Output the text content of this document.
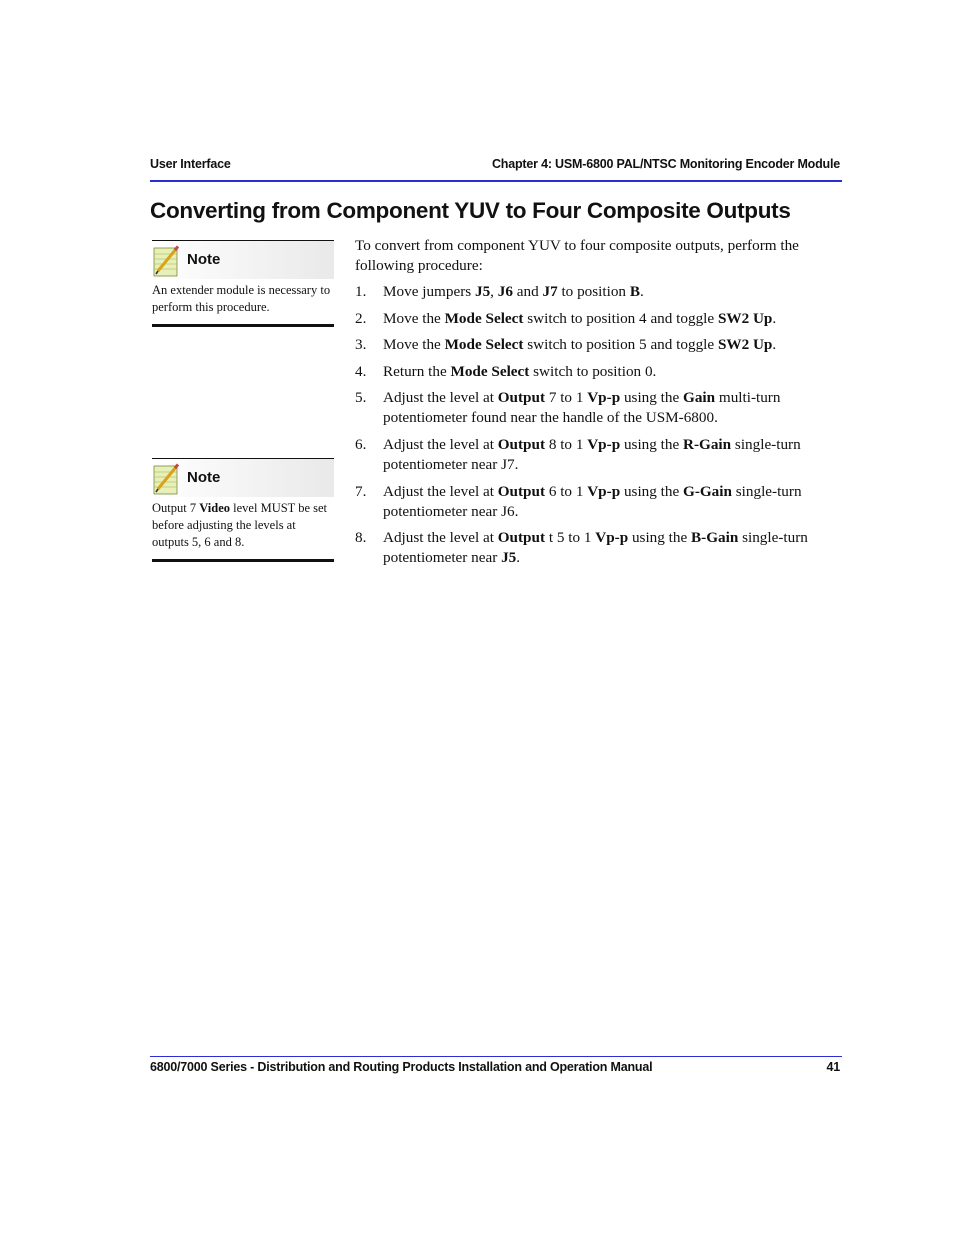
User Interface	Chapter 4: USM-6800 PAL/NTSC Monitoring Encoder Module
Converting from Component YUV to Four Composite Outputs
Note
An extender module is necessary to perform this procedure.
Note
Output 7 Video level MUST be set before adjusting the levels at outputs 5, 6 and 8.

To convert from component YUV to four composite outputs, perform the following procedure:

1. Move jumpers J5, J6 and J7 to position B.
2. Move the Mode Select switch to position 4 and toggle SW2 Up.
3. Move the Mode Select switch to position 5 and toggle SW2 Up.
4. Return the Mode Select switch to position 0.
5. Adjust the level at Output 7 to 1 Vp-p using the Gain multi-turn potentiometer found near the handle of the USM-6800.
6. Adjust the level at Output 8 to 1 Vp-p using the R-Gain single-turn potentiometer near J7.
7. Adjust the level at Output 6 to 1 Vp-p using the G-Gain single-turn potentiometer near J6.
8. Adjust the level at Output t 5 to 1 Vp-p using the B-Gain single-turn potentiometer near J5.
6800/7000 Series - Distribution and Routing Products Installation and Operation Manual	41
